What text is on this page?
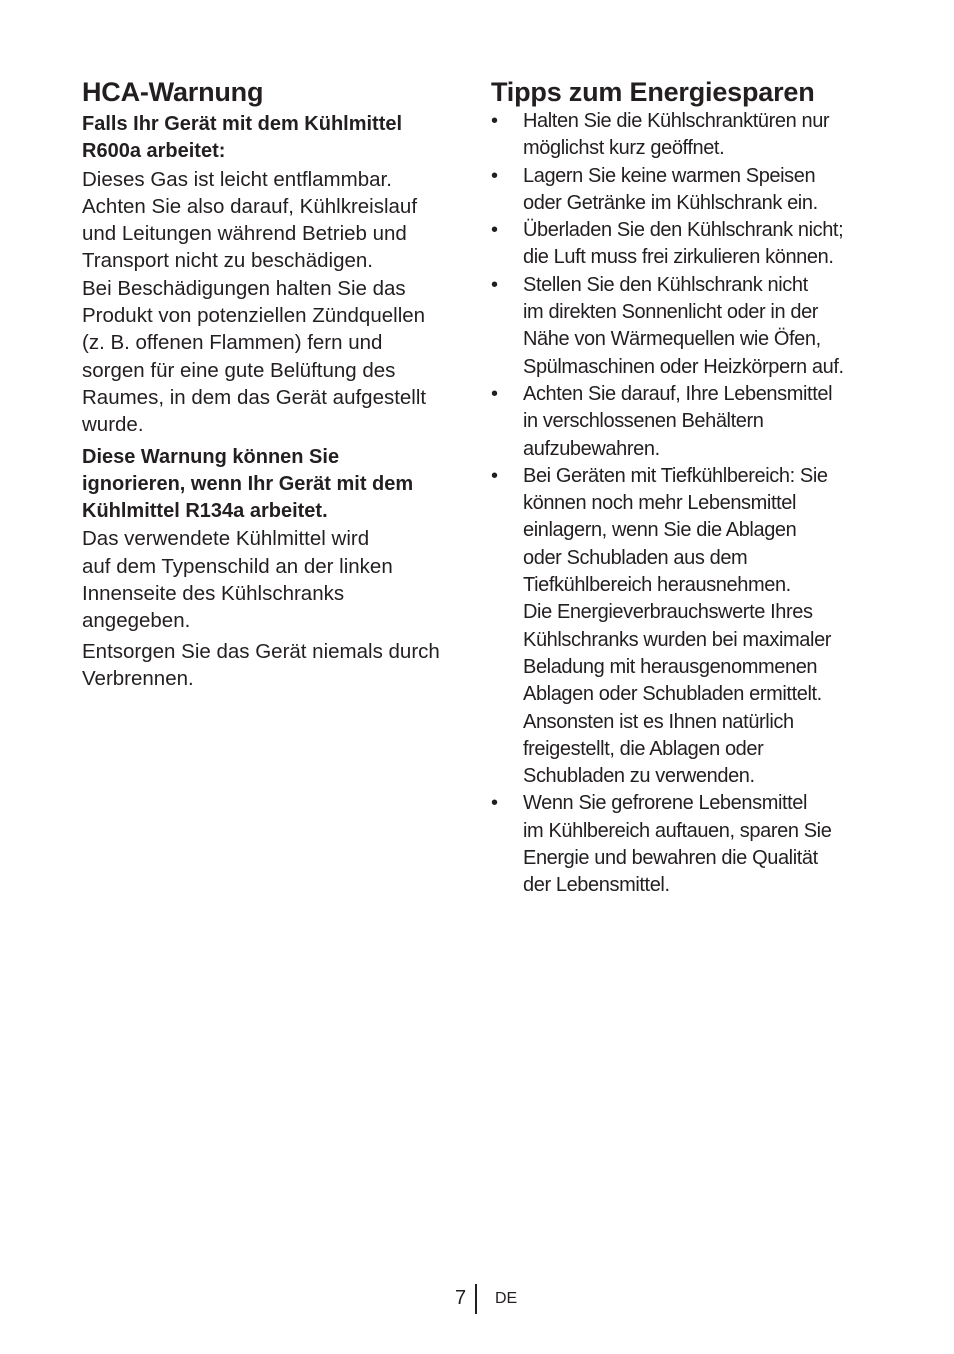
HCA-Warnung
Falls Ihr Gerät mit dem Kühlmittel
R600a arbeitet:
Dieses Gas ist leicht entflammbar.
Achten Sie also darauf, Kühlkreislauf
und Leitungen während Betrieb und
Transport nicht zu beschädigen.
Bei Beschädigungen halten Sie das
Produkt von potenziellen Zündquellen
(z. B. offenen Flammen) fern und
sorgen für eine gute Belüftung des
Raumes, in dem das Gerät aufgestellt
wurde.
Diese Warnung können Sie
ignorieren, wenn Ihr Gerät mit dem
Kühlmittel R134a arbeitet.
Das verwendete Kühlmittel wird
auf dem Typenschild an der linken
Innenseite des Kühlschranks
angegeben.
Entsorgen Sie das Gerät niemals durch
Verbrennen.
Tipps zum Energiesparen
• Halten Sie die Kühlschranktüren nur
möglichst kurz geöffnet.
• Lagern Sie keine warmen Speisen
oder Getränke im Kühlschrank ein.
• Überladen Sie den Kühlschrank nicht;
die Luft muss frei zirkulieren können.
• Stellen Sie den Kühlschrank nicht
im direkten Sonnenlicht oder in der
Nähe von Wärmequellen wie Öfen,
Spülmaschinen oder Heizkörpern auf.
• Achten Sie darauf, Ihre Lebensmittel
in verschlossenen Behältern
aufzubewahren.
• Bei Geräten mit Tiefkühlbereich: Sie
können noch mehr Lebensmittel
einlagern, wenn Sie die Ablagen
oder Schubladen aus dem
Tiefkühlbereich herausnehmen.
Die Energieverbrauchswerte Ihres
Kühlschranks wurden bei maximaler
Beladung mit herausgenommenen
Ablagen oder Schubladen ermittelt.
Ansonsten ist es Ihnen natürlich
freigestellt, die Ablagen oder
Schubladen zu verwenden.
• Wenn Sie gefrorene Lebensmittel
im Kühlbereich auftauen, sparen Sie
Energie und bewahren die Qualität
der Lebensmittel.
7 DE
